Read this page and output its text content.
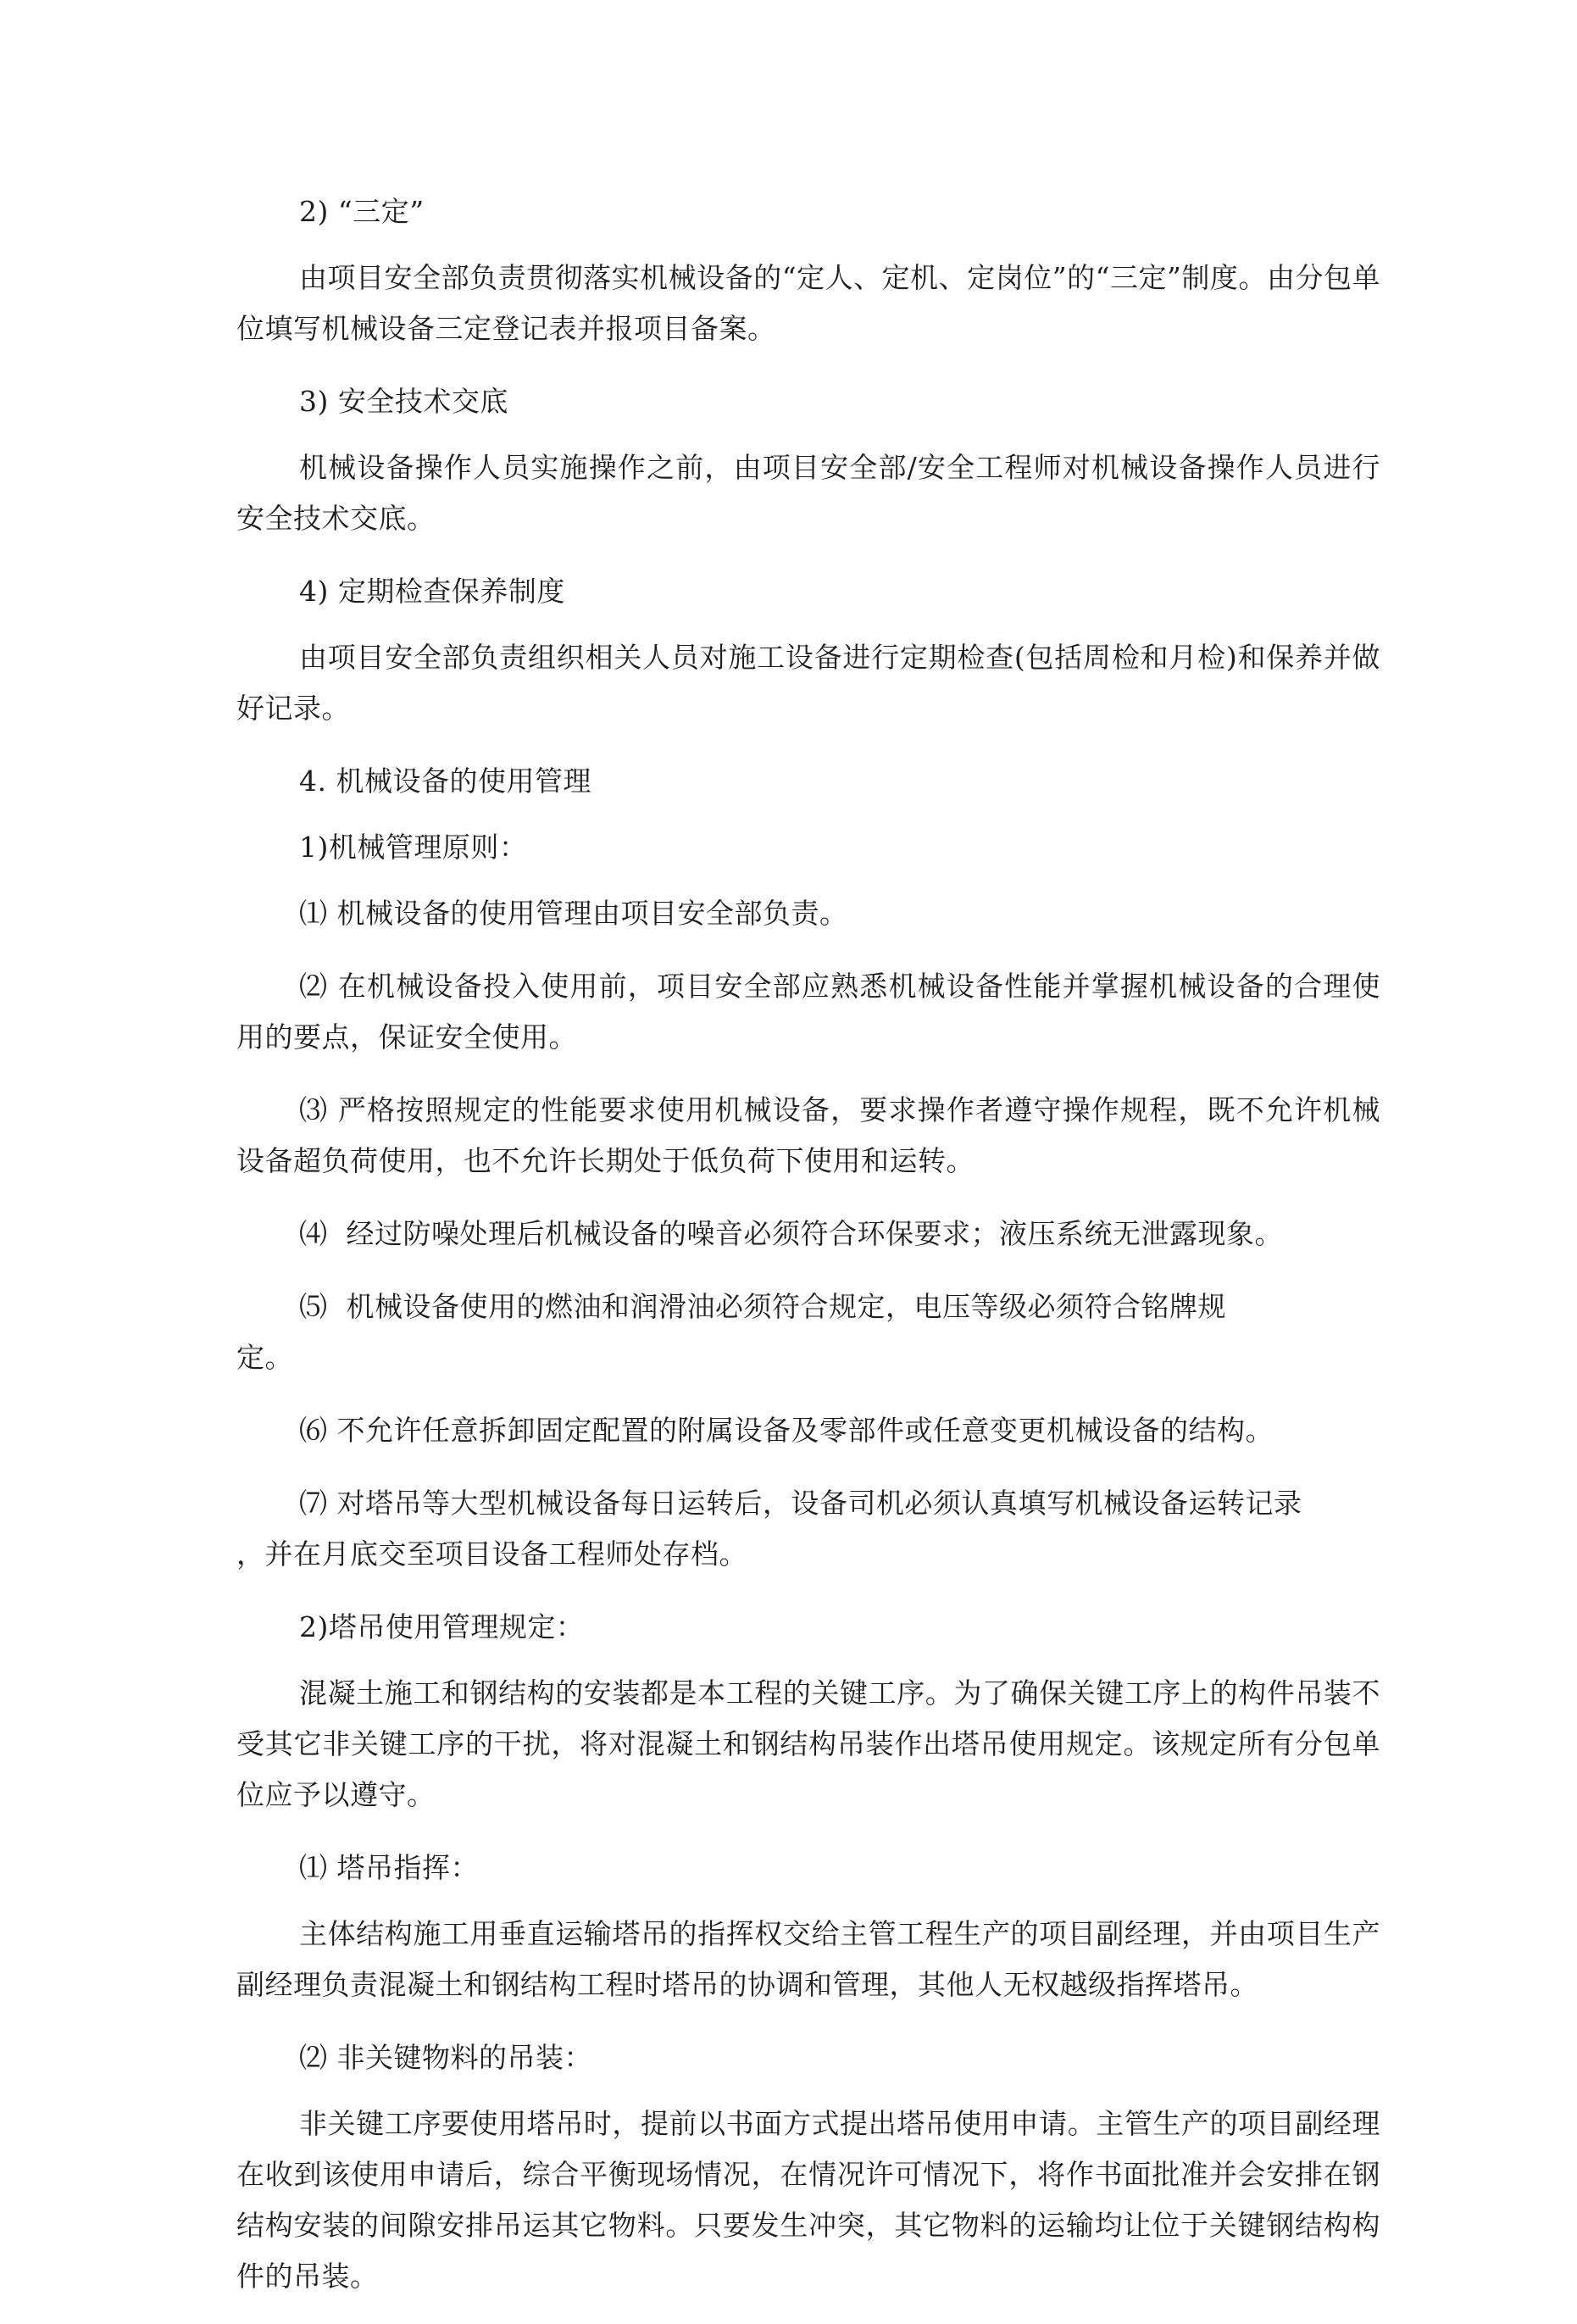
2) “三定”

由项目安全部负责贯彻落实机械设备的“定人、定机、定岗位”的“三定”制度。由分包单位填写机械设备三定登记表并报项目备案。

3) 安全技术交底

机械设备操作人员实施操作之前，由项目安全部/安全工程师对机械设备操作人员进行安全技术交底。

4) 定期检查保养制度

由项目安全部负责组织相关人员对施工设备进行定期检查(包括周检和月检)和保养并做好记录。

4. 机械设备的使用管理

1)机械管理原则：

⑴ 机械设备的使用管理由项目安全部负责。

⑵ 在机械设备投入使用前，项目安全部应熟悉机械设备性能并掌握机械设备的合理使用的要点，保证安全使用。

⑶ 严格按照规定的性能要求使用机械设备，要求操作者遵守操作规程，既不允许机械设备超负荷使用，也不允许长期处于低负荷下使用和运转。

⑷  经过防噪处理后机械设备的噪音必须符合环保要求；液压系统无泄露现象。

⑸  机械设备使用的燃油和润滑油必须符合规定，电压等级必须符合铭牌规
定。

⑹ 不允许任意拆卸固定配置的附属设备及零部件或任意变更机械设备的结构。

⑺ 对塔吊等大型机械设备每日运转后，设备司机必须认真填写机械设备运转记录
，并在月底交至项目设备工程师处存档。

2)塔吊使用管理规定：

混凝土施工和钢结构的安装都是本工程的关键工序。为了确保关键工序上的构件吊装不受其它非关键工序的干扰，将对混凝土和钢结构吊装作出塔吊使用规定。该规定所有分包单位应予以遵守。

⑴ 塔吊指挥：

主体结构施工用垂直运输塔吊的指挥权交给主管工程生产的项目副经理，并由项目生产副经理负责混凝土和钢结构工程时塔吊的协调和管理，其他人无权越级指挥塔吊。

⑵ 非关键物料的吊装：

非关键工序要使用塔吊时，提前以书面方式提出塔吊使用申请。主管生产的项目副经理在收到该使用申请后，综合平衡现场情况，在情况许可情况下，将作书面批准并会安排在钢结构安装的间隙安排吊运其它物料。只要发生冲突，其它物料的运输均让位于关键钢结构构件的吊装。
